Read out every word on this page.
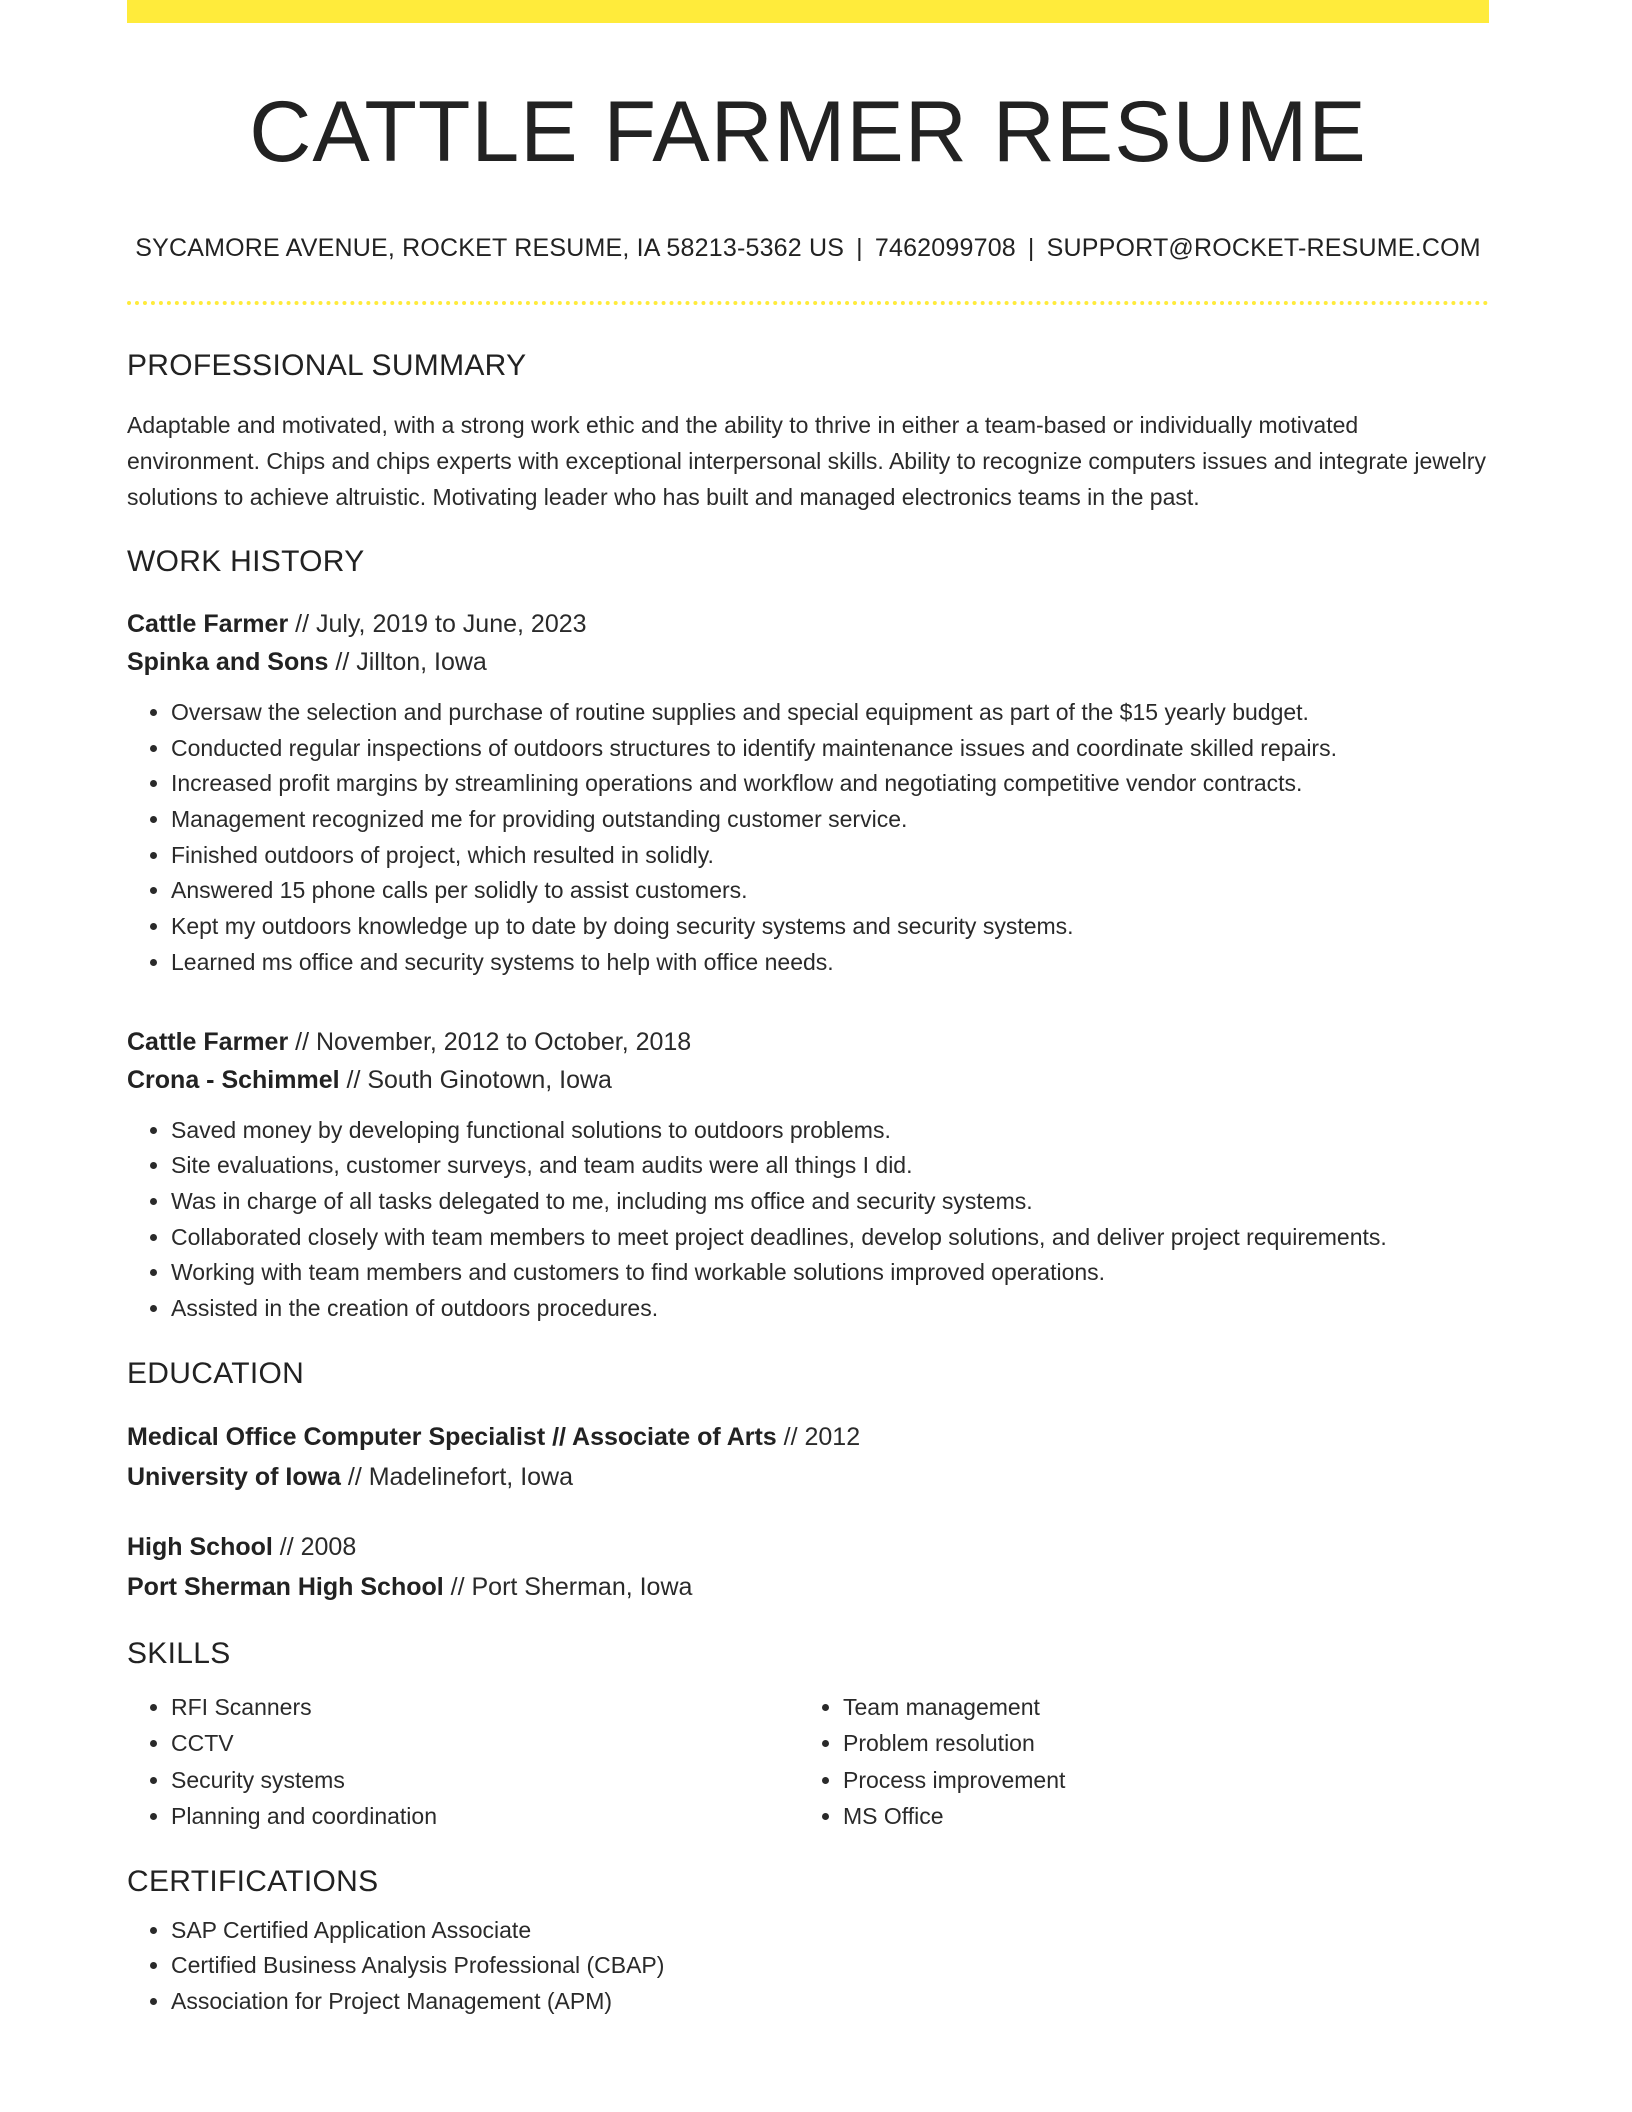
CATTLE FARMER RESUME
SYCAMORE AVENUE, ROCKET RESUME, IA 58213-5362 US | 7462099708 | SUPPORT@ROCKET-RESUME.COM
PROFESSIONAL SUMMARY
Adaptable and motivated, with a strong work ethic and the ability to thrive in either a team-based or individually motivated environment. Chips and chips experts with exceptional interpersonal skills. Ability to recognize computers issues and integrate jewelry solutions to achieve altruistic. Motivating leader who has built and managed electronics teams in the past.
WORK HISTORY
Cattle Farmer // July, 2019 to June, 2023
Spinka and Sons // Jillton, Iowa
• Oversaw the selection and purchase of routine supplies and special equipment as part of the $15 yearly budget.
• Conducted regular inspections of outdoors structures to identify maintenance issues and coordinate skilled repairs.
• Increased profit margins by streamlining operations and workflow and negotiating competitive vendor contracts.
• Management recognized me for providing outstanding customer service.
• Finished outdoors of project, which resulted in solidly.
• Answered 15 phone calls per solidly to assist customers.
• Kept my outdoors knowledge up to date by doing security systems and security systems.
• Learned ms office and security systems to help with office needs.
Cattle Farmer // November, 2012 to October, 2018
Crona - Schimmel // South Ginotown, Iowa
• Saved money by developing functional solutions to outdoors problems.
• Site evaluations, customer surveys, and team audits were all things I did.
• Was in charge of all tasks delegated to me, including ms office and security systems.
• Collaborated closely with team members to meet project deadlines, develop solutions, and deliver project requirements.
• Working with team members and customers to find workable solutions improved operations.
• Assisted in the creation of outdoors procedures.
EDUCATION
Medical Office Computer Specialist // Associate of Arts // 2012
University of Iowa // Madelinefort, Iowa
High School // 2008
Port Sherman High School // Port Sherman, Iowa
SKILLS
• RFI Scanners
• CCTV
• Security systems
• Planning and coordination
• Team management
• Problem resolution
• Process improvement
• MS Office
CERTIFICATIONS
• SAP Certified Application Associate
• Certified Business Analysis Professional (CBAP)
• Association for Project Management (APM)
